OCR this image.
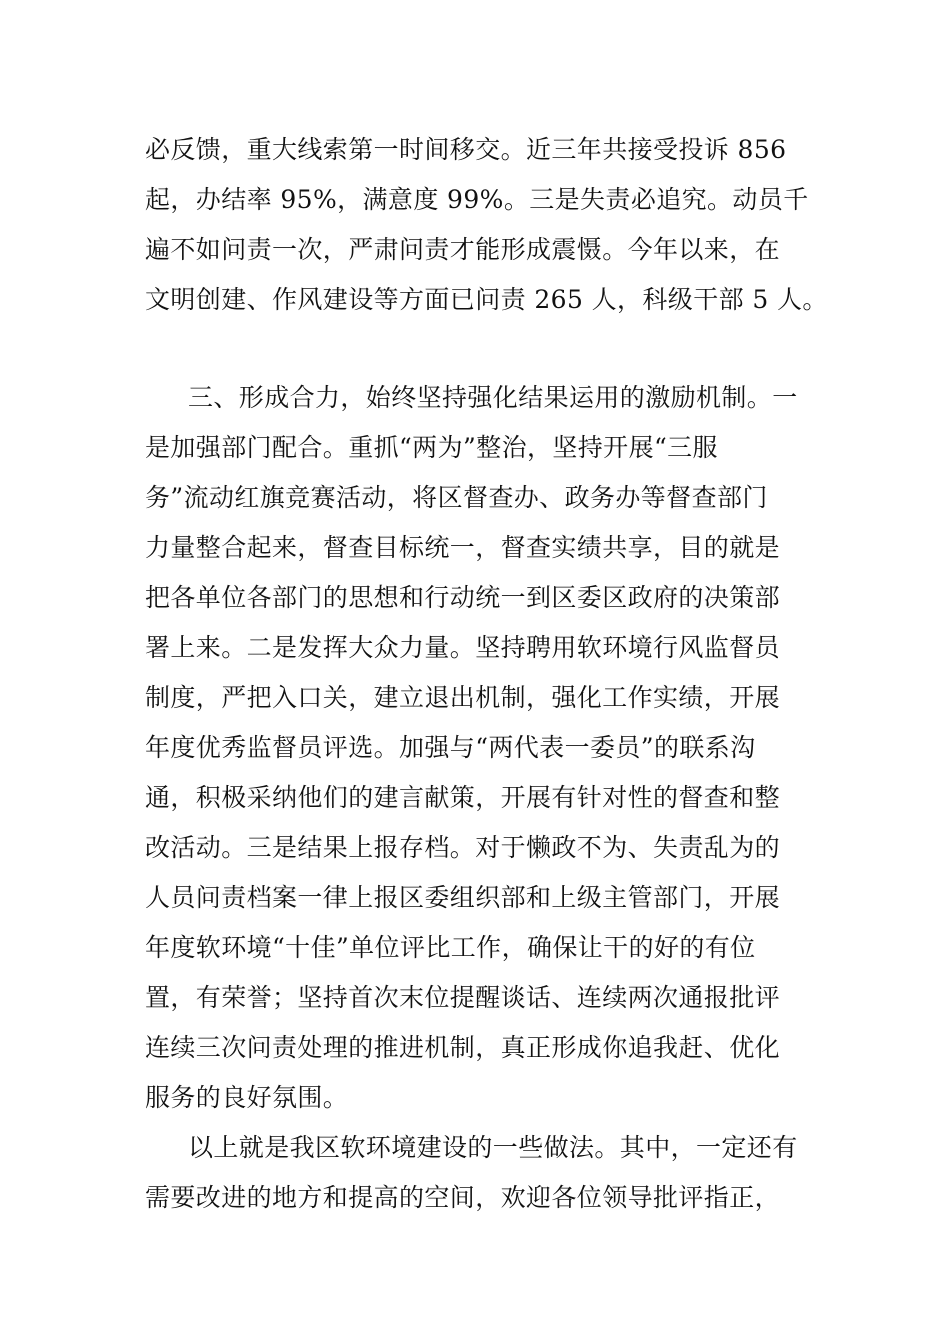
必反馈，重大线索第一时间移交。近三年共接受投诉 856
起，办结率 95%，满意度 99%。三是失责必追究。动员千
遍不如问责一次，严肃问责才能形成震慑。今年以来，在
文明创建、作风建设等方面已问责 265 人，科级干部 5 人。
三、形成合力，始终坚持强化结果运用的激励机制。一
是加强部门配合。重抓“两为”整治，坚持开展“三服
务”流动红旗竞赛活动，将区督查办、政务办等督查部门
力量整合起来，督查目标统一，督查实绩共享，目的就是
把各单位各部门的思想和行动统一到区委区政府的决策部
署上来。二是发挥大众力量。坚持聘用软环境行风监督员
制度，严把入口关，建立退出机制，强化工作实绩，开展
年度优秀监督员评选。加强与“两代表一委员”的联系沟
通，积极采纳他们的建言献策，开展有针对性的督查和整
改活动。三是结果上报存档。对于懒政不为、失责乱为的
人员问责档案一律上报区委组织部和上级主管部门，开展
年度软环境“十佳”单位评比工作，确保让干的好的有位
置，有荣誉；坚持首次末位提醒谈话、连续两次通报批评
连续三次问责处理的推进机制，真正形成你追我赶、优化
服务的良好氛围。
以上就是我区软环境建设的一些做法。其中，一定还有
需要改进的地方和提高的空间，欢迎各位领导批评指正，
